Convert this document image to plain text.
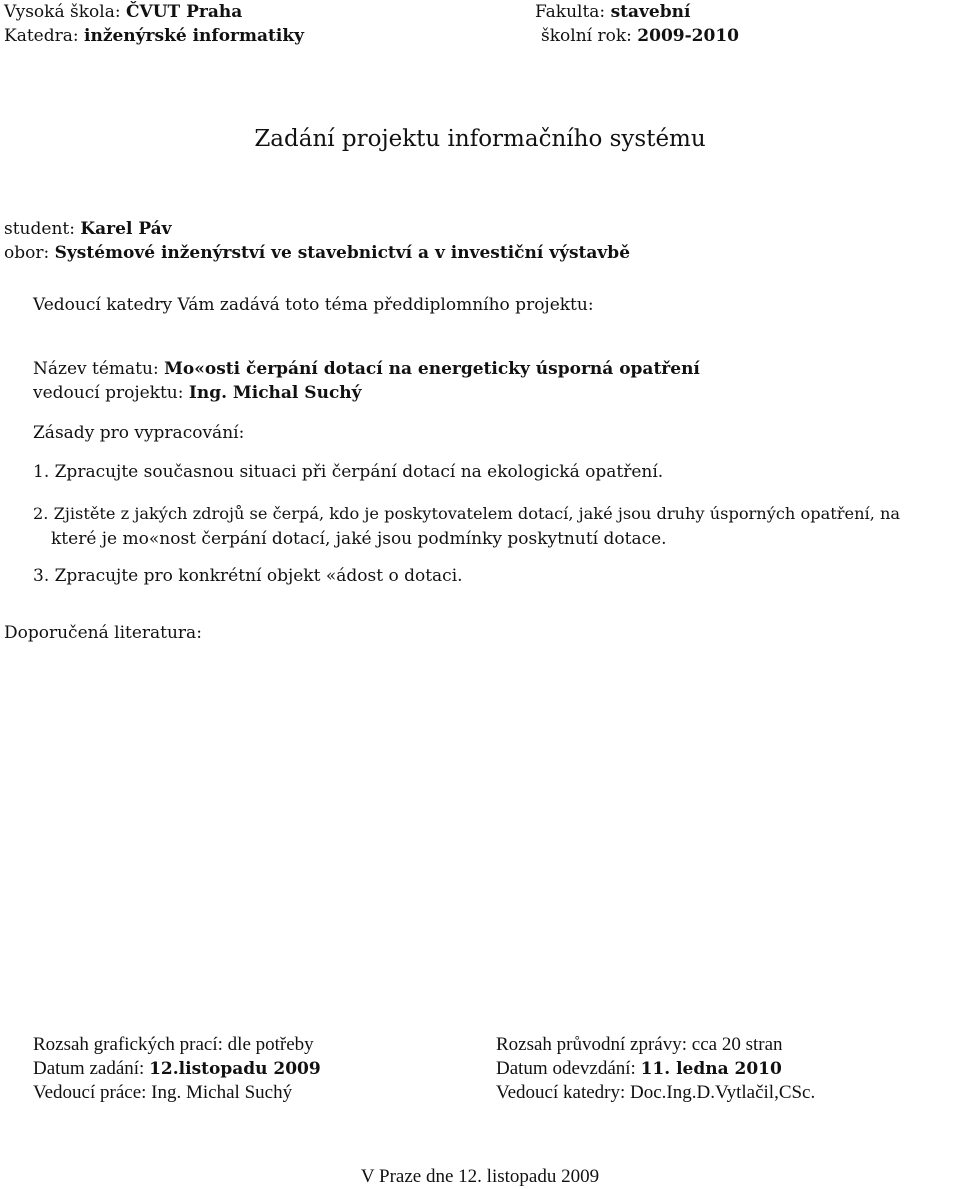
Vysoká škola: ČVUT Praha	Fakulta: stavební
Katedra: inženýrské informatiky	školní rok: 2009-2010
Zadání projektu informačního systému
student: Karel Páv
obor: Systémové inženýrství ve stavebnictví a v investiční výstavbě
Vedoucí katedry Vám zadává toto téma předdiplomního projektu:
Název tématu: Mo«osti čerpání dotací na energeticky úsporná opatření
vedoucí projektu: Ing. Michal Suchý
Zásady pro vypracování:
1. Zpracujte současnou situaci při čerpání dotací na ekologická opatření.
2. Zjistěte z jakých zdrojů se čerpá, kdo je poskytovatelem dotací, jaké jsou druhy úsporných opatření, na
které je mo«nost čerpání dotací, jaké jsou podmínky poskytnutí dotace.
3. Zpracujte pro konkrétní objekt «ádost o dotaci.
Doporučená literatura:
Rozsah grafických prací: dle potřeby
Datum zadání: 12.listopadu 2009
Vedoucí práce: Ing. Michal Suchý
Rozsah průvodní zprávy: cca 20 stran
Datum odevzdání: 11. ledna 2010
Vedoucí katedry: Doc.Ing.D.Vytlačil,CSc.
V Praze dne 12. listopadu 2009
